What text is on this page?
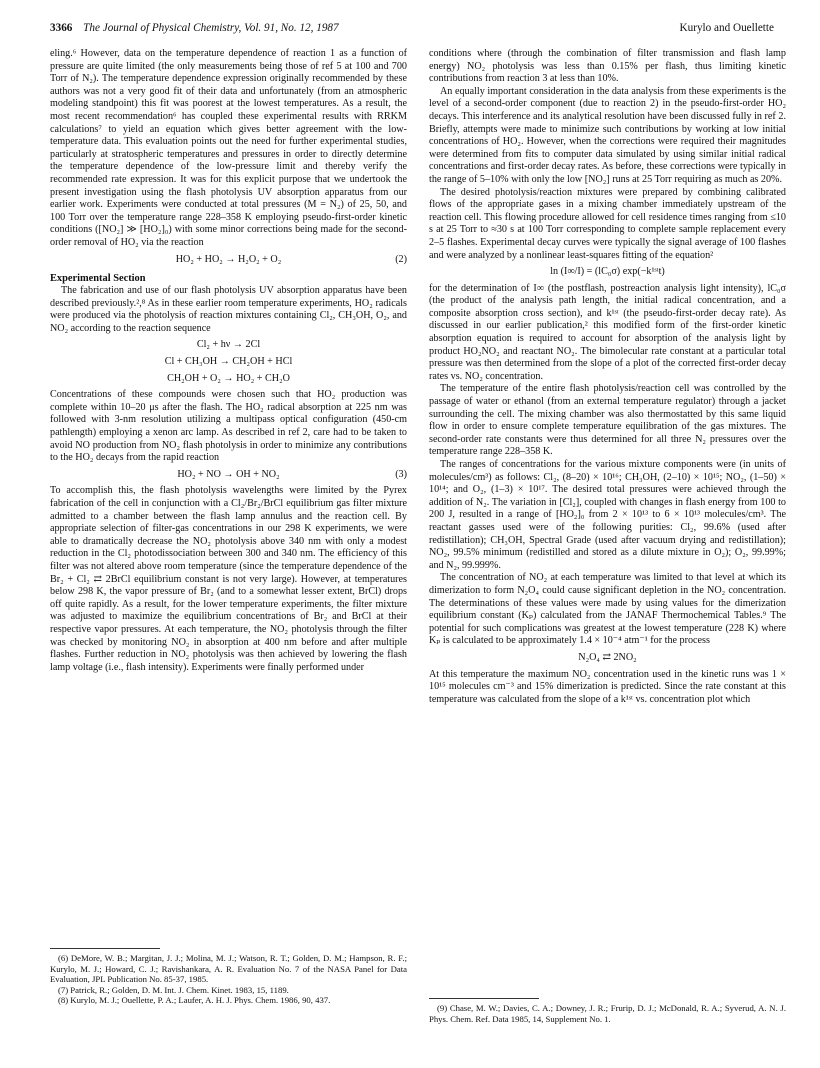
3366 The Journal of Physical Chemistry, Vol. 91, No. 12, 1987	Kurylo and Ouellette

eling.⁶ However, data on the temperature dependence of reaction 1 as a function of pressure are quite limited (the only measurements being those of ref 5 at 100 and 700 Torr of N₂). The temperature dependence expression originally recommended by these authors was not a very good fit of their data and unfortunately (from an atmospheric modeling standpoint) this fit was poorest at the lowest temperatures. As a result, the most recent recommendation⁶ has coupled these experimental results with RRKM calculations⁷ to yield an equation which gives better agreement with the low-temperature data. This evaluation points out the need for further experimental studies, particularly at stratospheric temperatures and pressures in order to directly determine the temperature dependence of the low-pressure limit and thereby verify the recommended rate expression. It was for this explicit purpose that we undertook the present investigation using the flash photolysis UV absorption apparatus from our earlier work. Experiments were conducted at total pressures (M = N₂) of 25, 50, and 100 Torr over the temperature range 228–358 K employing pseudo-first-order kinetic conditions ([NO₂] ≫ [HO₂]₀) with some minor corrections being made for the second-order removal of HO₂ via the reaction

HO₂ + HO₂ → H₂O₂ + O₂	(2)
Experimental Section

The fabrication and use of our flash photolysis UV absorption apparatus have been described previously.²,⁸ As in these earlier room temperature experiments, HO₂ radicals were produced via the photolysis of reaction mixtures containing Cl₂, CH₃OH, O₂, and NO₂ according to the reaction sequence

Cl₂ + hν → 2Cl
Cl + CH₃OH → CH₂OH + HCl
CH₂OH + O₂ → HO₂ + CH₂O

Concentrations of these compounds were chosen such that HO₂ production was complete within 10–20 μs after the flash. The HO₂ radical absorption at 225 nm was followed with 3-nm resolution utilizing a multipass optical configuration (450-cm pathlength) employing a xenon arc lamp. As described in ref 2, care had to be taken to avoid NO production from NO₂ flash photolysis in order to minimize any contributions to the HO₂ decays from the rapid reaction

HO₂ + NO → OH + NO₂	(3)

To accomplish this, the flash photolysis wavelengths were limited by the Pyrex fabrication of the cell in conjunction with a Cl₂/Br₂/BrCl equilibrium gas filter mixture admitted to a chamber between the flash lamp annulus and the reaction cell. By appropriate selection of filter-gas concentrations in our 298 K experiments, we were able to dramatically decrease the NO₂ photolysis above 340 nm with only a modest reduction in the Cl₂ photodissociation between 300 and 340 nm. The efficiency of this filter was not altered above room temperature (since the temperature dependence of the Br₂ + Cl₂ ⇄ 2BrCl equilibrium constant is not very large). However, at temperatures below 298 K, the vapor pressure of Br₂ (and to a somewhat lesser extent, BrCl) drops off quite rapidly. As a result, for the lower temperature experiments, the filter mixture was adjusted to maximize the equilibrium concentrations of Br₂ and BrCl at their respective vapor pressures. At each temperature, the NO₂ photolysis through the filter was checked by monitoring NO₂ in absorption at 400 nm before and after multiple flashes. Further reduction in NO₂ photolysis was then achieved by lowering the flash lamp voltage (i.e., flash intensity). Experiments were finally performed under

(6) DeMore, W. B.; Margitan, J. J.; Molina, M. J.; Watson, R. T.; Golden, D. M.; Hampson, R. F.; Kurylo, M. J.; Howard, C. J.; Ravishankara, A. R. Evaluation No. 7 of the NASA Panel for Data Evaluation, JPL Publication No. 85-37, 1985.

(7) Patrick, R.; Golden, D. M. Int. J. Chem. Kinet. 1983, 15, 1189.

(8) Kurylo, M. J.; Ouellette, P. A.; Laufer, A. H. J. Phys. Chem. 1986, 90, 437.

conditions where (through the combination of filter transmission and flash lamp energy) NO₂ photolysis was less than 0.15% per flash, thus limiting kinetic contributions from reaction 3 at less than 10%.

An equally important consideration in the data analysis from these experiments is the level of a second-order component (due to reaction 2) in the pseudo-first-order HO₂ decays. This interference and its analytical resolution have been discussed fully in ref 2. Briefly, attempts were made to minimize such contributions by working at low initial concentrations of HO₂. However, when the corrections were required their magnitudes were determined from fits to computer data simulated by using similar initial radical concentrations and first-order decay rates. As before, these corrections were typically in the range of 5–10% with only the low [NO₂] runs at 25 Torr requiring as much as 20%.

The desired photolysis/reaction mixtures were prepared by combining calibrated flows of the appropriate gases in a mixing chamber immediately upstream of the reaction cell. This flowing procedure allowed for cell residence times ranging from ≤10 s at 25 Torr to ≈30 s at 100 Torr corresponding to complete sample replacement every 2–5 flashes. Experimental decay curves were typically the signal average of 100 flashes and were analyzed by a nonlinear least-squares fitting of the equation²

ln (I∞/I) = (lC₀σ) exp(−k¹ˢᵗt)

for the determination of I∞ (the postflash, postreaction analysis light intensity), lC₀σ (the product of the analysis path length, the initial radical concentration, and a composite absorption cross section), and k¹ˢᵗ (the pseudo-first-order decay rate). As discussed in our earlier publication,² this modified form of the first-order kinetic absorption equation is required to account for absorption of the analysis light by product HO₂NO₂ and reactant NO₂. The bimolecular rate constant at a particular total pressure was then determined from the slope of a plot of the corrected first-order decay rates vs. NO₂ concentration.

The temperature of the entire flash photolysis/reaction cell was controlled by the passage of water or ethanol (from an external temperature regulator) through a jacket surrounding the cell. The mixing chamber was also thermostatted by this same liquid flow in order to ensure complete temperature equilibration of the gas mixtures. The second-order rate constants were thus determined for all three N₂ pressures over the temperature range 228–358 K.

The ranges of concentrations for the various mixture components were (in units of molecules/cm³) as follows: Cl₂, (8–20) × 10¹⁶; CH₃OH, (2–10) × 10¹⁵; NO₂, (1–50) × 10¹⁴; and O₂, (1–3) × 10¹⁷. The desired total pressures were achieved through the addition of N₂. The variation in [Cl₂], coupled with changes in flash energy from 100 to 200 J, resulted in a range of [HO₂]₀ from 2 × 10¹³ to 6 × 10¹³ molecules/cm³. The reactant gasses used were of the following purities: Cl₂, 99.6% (used after redistillation); CH₃OH, Spectral Grade (used after vacuum drying and redistillation); NO₂, 99.5% minimum (redistilled and stored as a dilute mixture in O₂); O₂, 99.99%; and N₂, 99.999%.

The concentration of NO₂ at each temperature was limited to that level at which its dimerization to form N₂O₄ could cause significant depletion in the NO₂ concentration. The determinations of these values were made by using values for the dimerization equilibrium constant (Kₚ) calculated from the JANAF Thermochemical Tables.⁹ The potential for such complications was greatest at the lowest temperature (228 K) where Kₚ is calculated to be approximately 1.4 × 10⁻⁴ atm⁻¹ for the process

N₂O₄ ⇄ 2NO₂

At this temperature the maximum NO₂ concentration used in the kinetic runs was 1 × 10¹⁵ molecules cm⁻³ and 15% dimerization is predicted. Since the rate constant at this temperature was calculated from the slope of a k¹ˢᵗ vs. concentration plot which

(9) Chase, M. W.; Davies, C. A.; Downey, J. R.; Frurip, D. J.; McDonald, R. A.; Syverud, A. N. J. Phys. Chem. Ref. Data 1985, 14, Supplement No. 1.
